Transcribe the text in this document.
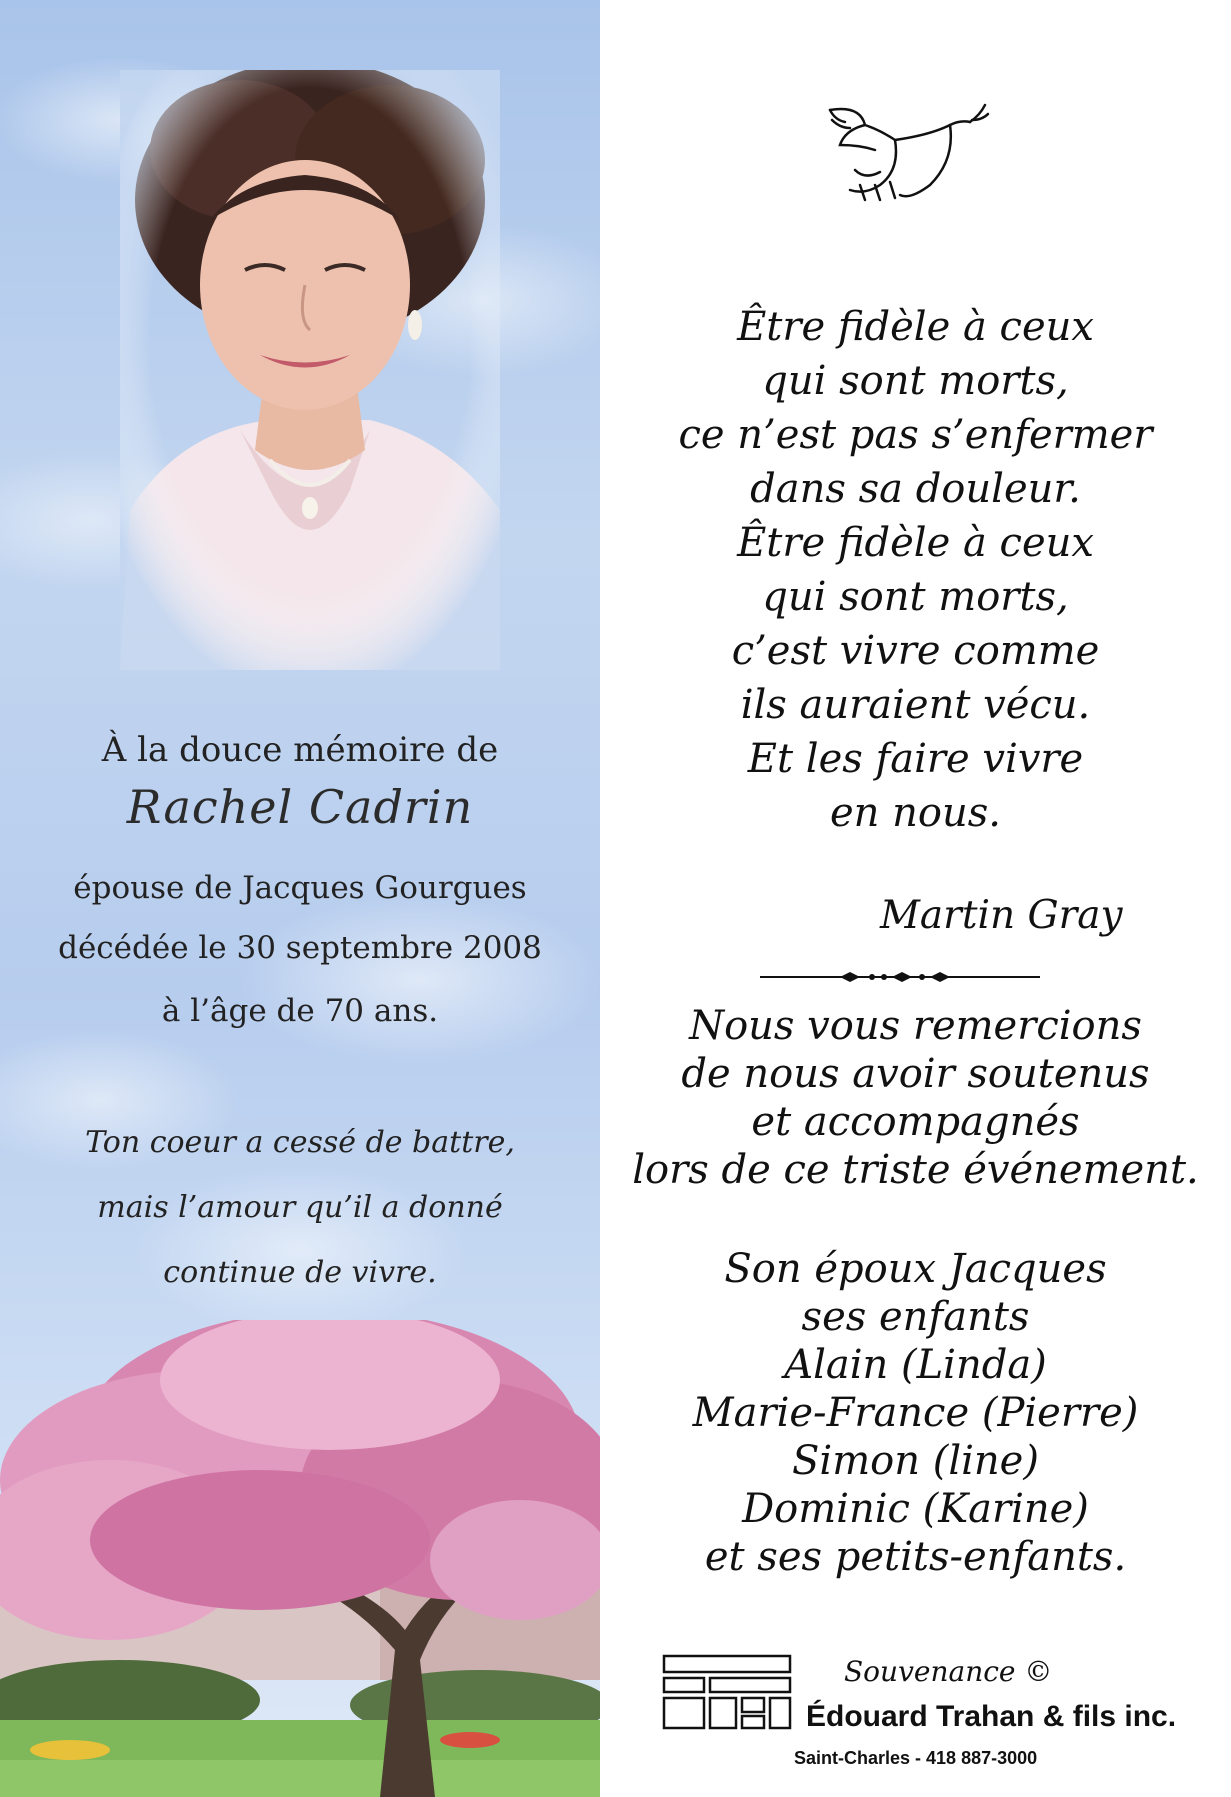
À la douce mémoire de
Rachel Cadrin
épouse de Jacques Gourgues
décédée le 30 septembre 2008
à l’âge de 70 ans.
Ton coeur a cessé de battre,
mais l’amour qu’il a donné
continue de vivre.
Être fidèle à ceux
qui sont morts,
ce n’est pas s’enfermer
dans sa douleur.
Être fidèle à ceux
qui sont morts,
c’est vivre comme
ils auraient vécu.
Et les faire vivre
en nous.
Martin Gray
Nous vous remercions
de nous avoir soutenus
et accompagnés
lors de ce triste événement.
Son époux Jacques
ses enfants
Alain (Linda)
Marie-France (Pierre)
Simon (line)
Dominic (Karine)
et ses petits-enfants.
Souvenance ©
Édouard Trahan & fils inc.
Saint-Charles - 418 887-3000
